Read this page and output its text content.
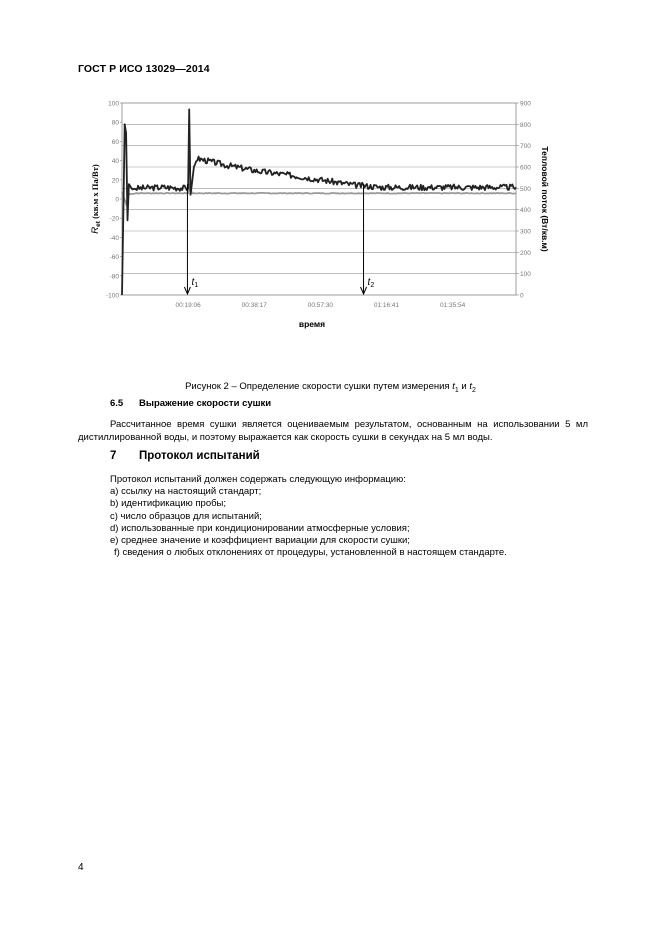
ГОСТ Р ИСО 13029—2014
100
80
60
40
20
0
-20
-40
-60
-80
-100
900
800
700
600
500
400
300
200
100
0
00:19:06	00:38:17	00:57:30	01:16:41	01:35:54
$t_1$	$t_2$
$R_{et}$ (кв.м х Па/Вт)	Тепловой поток (Вт/кв.м)
время
Рисунок 2 – Определение скорости сушки путем измерения $t_1$ и $t_2$
6.5 Выражение скорости сушки
Рассчитанное время сушки является оцениваемым результатом, основанным на использовании 5 мл дистиллированной воды, и поэтому выражается как скорость сушки в секундах на 5 мл воды.
7 Протокол испытаний
Протокол испытаний должен содержать следующую информацию:
a) ссылку на настоящий стандарт;
b) идентификацию пробы;
c) число образцов для испытаний;
d) использованные при кондиционировании атмосферные условия;
e) среднее значение и коэффициент вариации для скорости сушки;
f) сведения о любых отклонениях от процедуры, установленной в настоящем стандарте.
4
